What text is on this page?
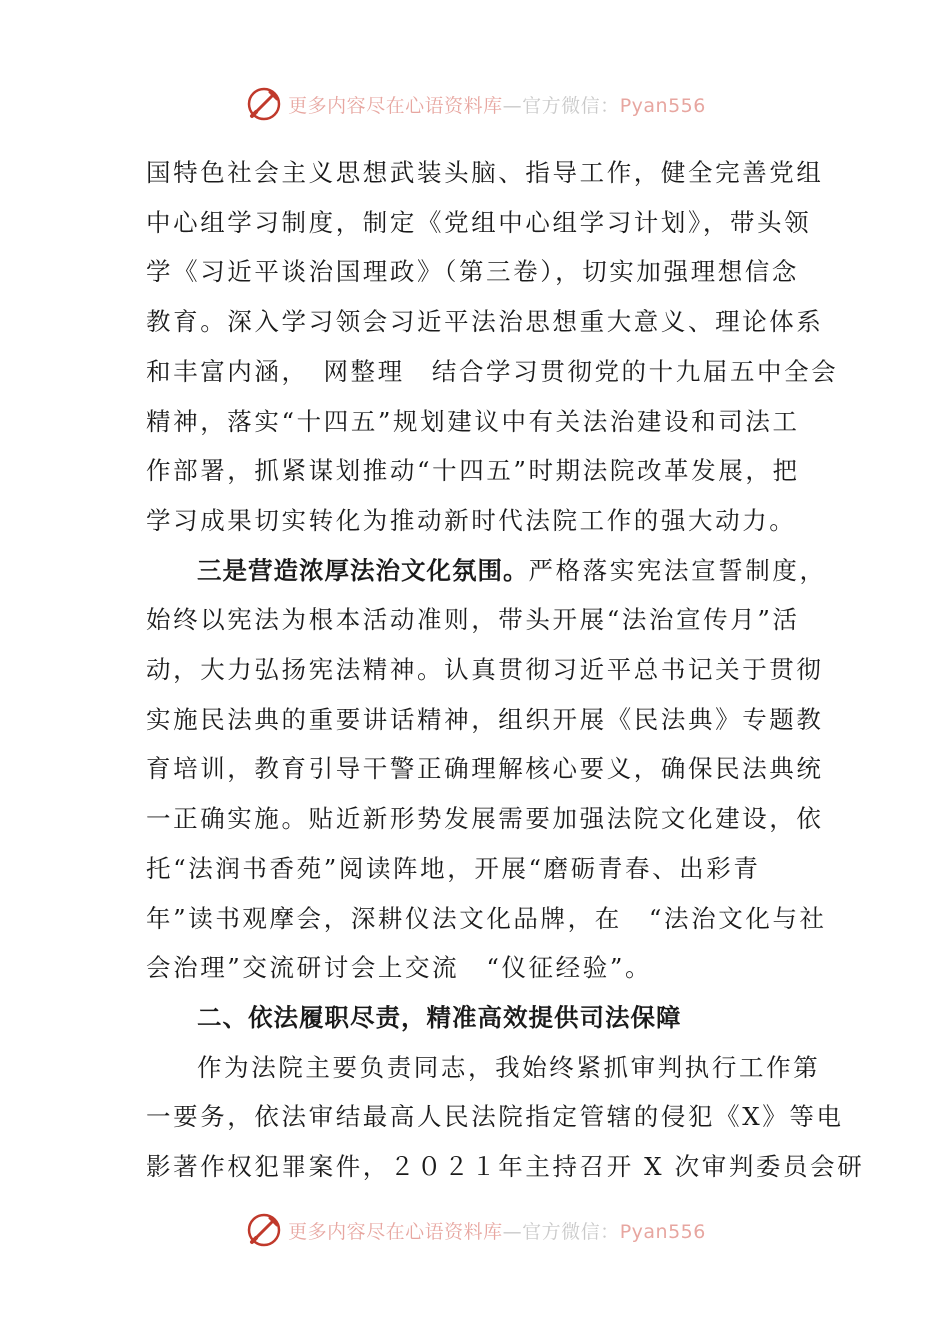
更多内容尽在心语资料库—官方微信：Pyan556

国特色社会主义思想武装头脑、指导工作，健全完善党组
中心组学习制度，制定《党组中心组学习计划》，带头领
学《习近平谈治国理政》（第三卷），切实加强理想信念
教育。深入学习领会习近平法治思想重大意义、理论体系
和丰富内涵，　网整理　结合学习贯彻党的十九届五中全会
精神，落实“十四五”规划建议中有关法治建设和司法工
作部署，抓紧谋划推动“十四五”时期法院改革发展，把
学习成果切实转化为推动新时代法院工作的强大动力。

三是营造浓厚法治文化氛围。严格落实宪法宣誓制度，
始终以宪法为根本活动准则，带头开展“法治宣传月”活
动，大力弘扬宪法精神。认真贯彻习近平总书记关于贯彻
实施民法典的重要讲话精神，组织开展《民法典》专题教
育培训，教育引导干警正确理解核心要义，确保民法典统
一正确实施。贴近新形势发展需要加强法院文化建设，依
托“法润书香苑”阅读阵地，开展“磨砺青春、出彩青
年”读书观摩会，深耕仪法文化品牌，在　“法治文化与社
会治理”交流研讨会上交流　“仪征经验”。

二、依法履职尽责，精准高效提供司法保障

作为法院主要负责同志，我始终紧抓审判执行工作第
一要务，依法审结最高人民法院指定管辖的侵犯《X》等电
影著作权犯罪案件，２０２１年主持召开 X 次审判委员会研

更多内容尽在心语资料库—官方微信：Pyan556
